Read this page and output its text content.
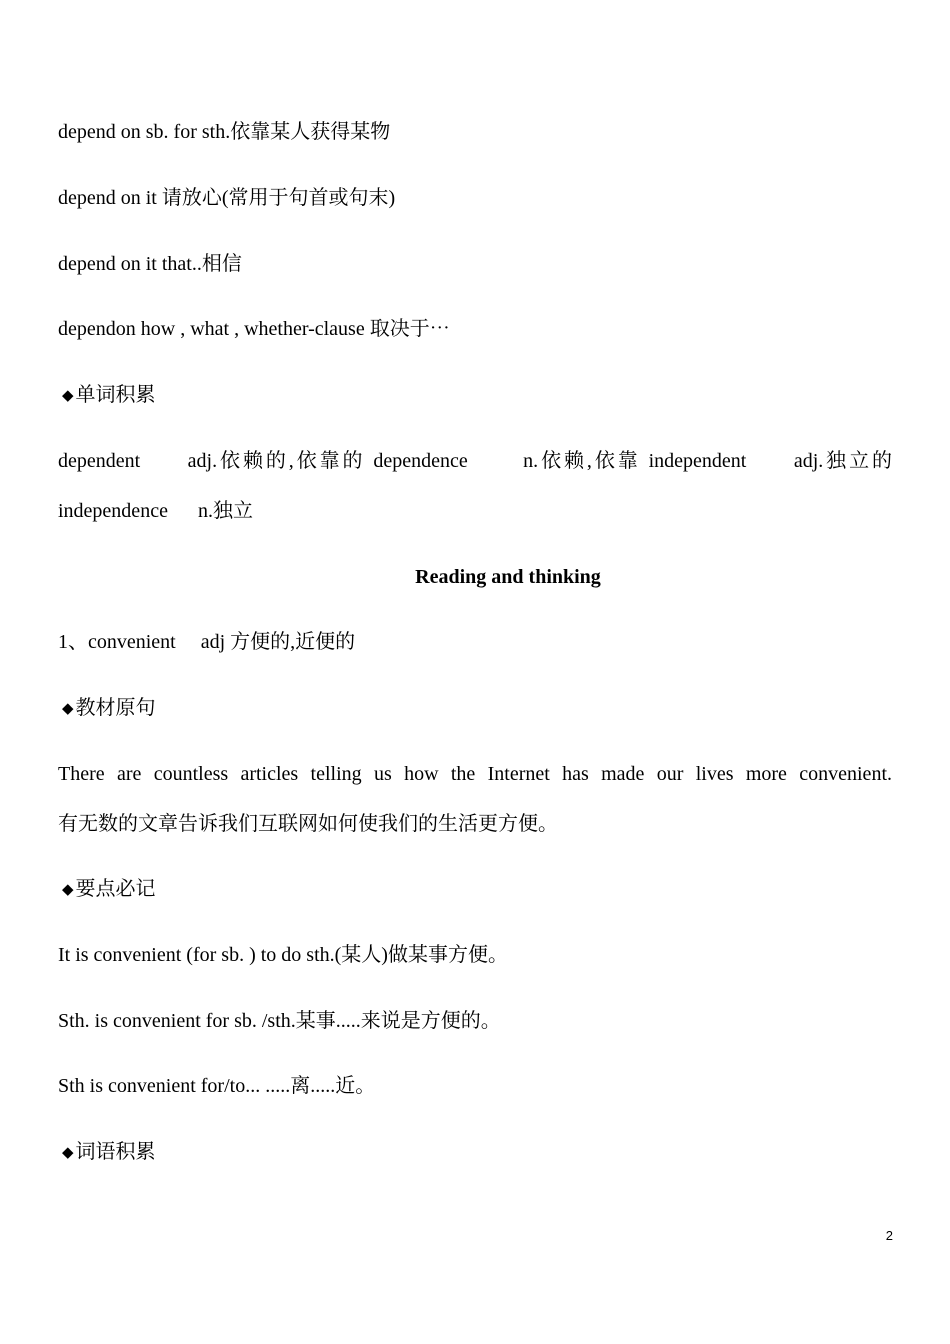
depend on sb. for sth.依靠某人获得某物
depend on it 请放心(常用于句首或句末)
depend on it that..相信
dependon how , what , whether-clause 取决于⋯
◆ 单词积累
dependent      adj.依赖的,依靠的 dependence       n.依赖,依靠 independent      adj.独立的
independence      n.独立
Reading and thinking
1、convenient     adj 方便的,近便的
◆ 教材原句
There are countless articles telling us how the Internet has made our lives more convenient.
有无数的文章告诉我们互联网如何使我们的生活更方便。
◆ 要点必记
It is convenient (for sb. ) to do sth.(某人)做某事方便。
Sth. is convenient for sb. /sth.某事.....来说是方便的。
Sth is convenient for/to... .....离.....近。
◆ 词语积累
2
